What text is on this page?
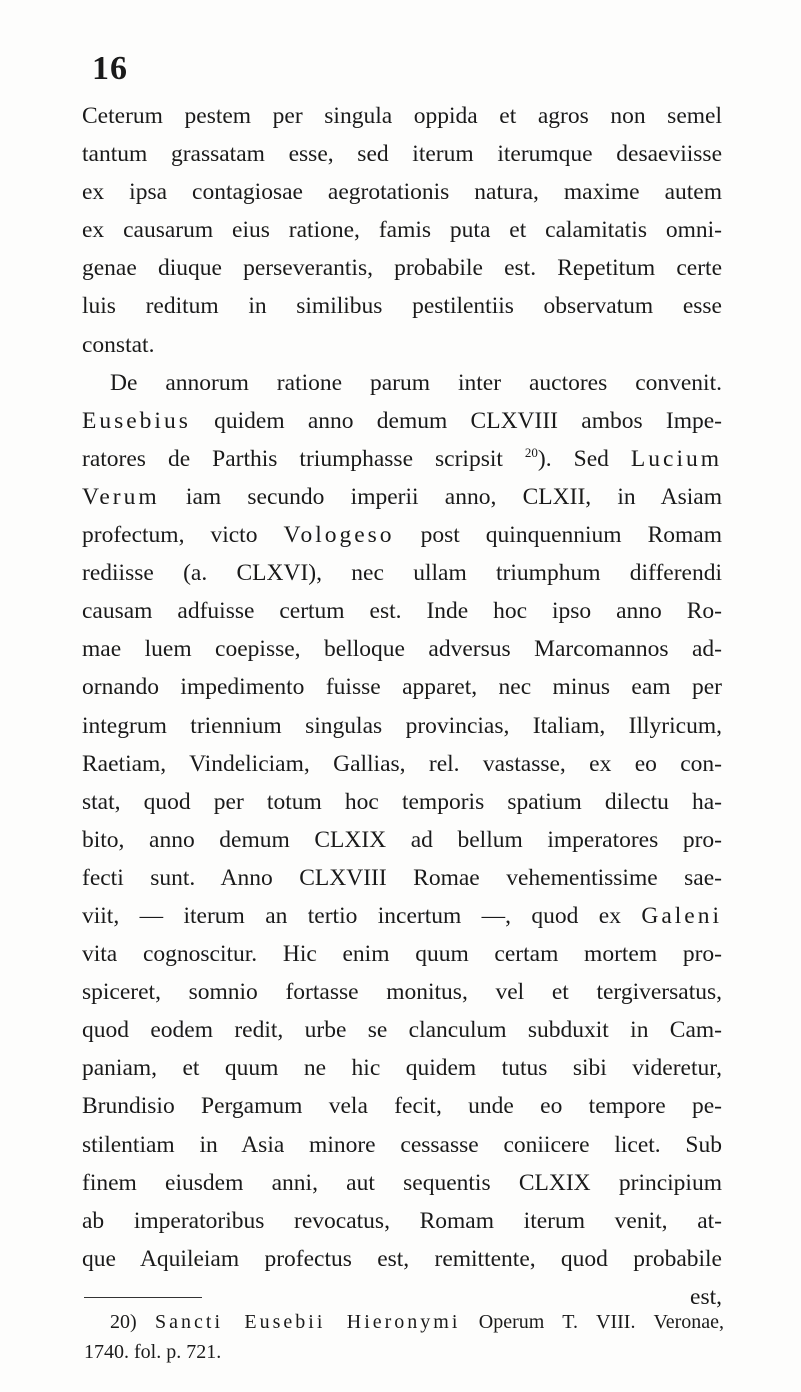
16
Ceterum pestem per singula oppida et agros non semel
tantum grassatam esse, sed iterum iterumque desaeviisse
ex ipsa contagiosae aegrotationis natura, maxime autem
ex causarum eius ratione, famis puta et calamitatis omni-
genae diuque perseverantis, probabile est. Repetitum certe
luis reditum in similibus pestilentiis observatum esse
constat.
De annorum ratione parum inter auctores convenit.
Eusebius quidem anno demum CLXVIII ambos Impe-
ratores de Parthis triumphasse scripsit $^{20}$). Sed Lucium
Verum iam secundo imperii anno, CLXII, in Asiam
profectum, victo Vologeso post quinquennium Romam
rediisse (a. CLXVI), nec ullam triumphum differendi
causam adfuisse certum est. Inde hoc ipso anno Ro-
mae luem coepisse, belloque adversus Marcomannos ad-
ornando impedimento fuisse apparet, nec minus eam per
integrum triennium singulas provincias, Italiam, Illyricum,
Raetiam, Vindeliciam, Gallias, rel. vastasse, ex eo con-
stat, quod per totum hoc temporis spatium dilectu ha-
bito, anno demum CLXIX ad bellum imperatores pro-
fecti sunt. Anno CLXVIII Romae vehementissime sae-
viit, — iterum an tertio incertum —, quod ex Galeni
vita cognoscitur. Hic enim quum certam mortem pro-
spiceret, somnio fortasse monitus, vel et tergiversatus,
quod eodem redit, urbe se clanculum subduxit in Cam-
paniam, et quum ne hic quidem tutus sibi videretur,
Brundisio Pergamum vela fecit, unde eo tempore pe-
stilentiam in Asia minore cessasse coniicere licet. Sub
finem eiusdem anni, aut sequentis CLXIX principium
ab imperatoribus revocatus, Romam iterum venit, at-
que Aquileiam profectus est, remittente, quod probabile
est,
20) Sancti Eusebii Hieronymi Operum T. VIII. Veronae,
1740. fol. p. 721.
